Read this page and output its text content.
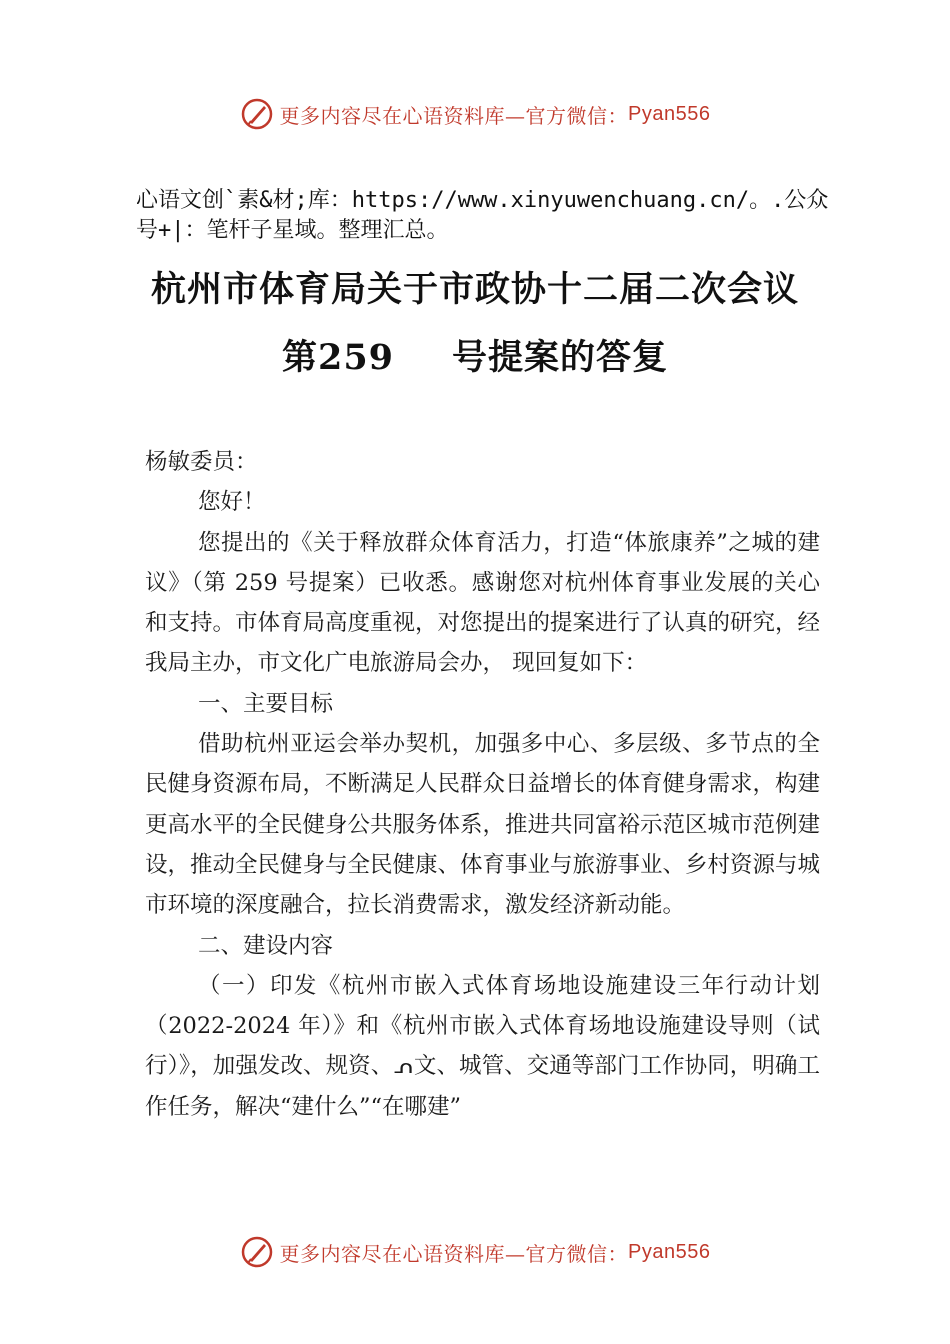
更多内容尽在心语资料库—官方微信： Pyan556
心语文创`素&材;库：https://www.xinyuwenchuang.cn/。.公众号+|：笔杆子星域。整理汇总。
杭州市体育局关于市政协十二届二次会议
第259 号提案的答复

杨敏委员：

您好！

您提出的《关于释放群众体育活力，打造“体旅康养”之城的建议》（第 259 号提案）已收悉。感谢您对杭州体育事业发展的关心和支持。市体育局高度重视，对您提出的提案进行了认真的研究，经我局主办，市文化广电旅游局会办， 现回复如下：

一、主要目标

借助杭州亚运会举办契机，加强多中心、多层级、多节点的全民健身资源布局，不断满足人民群众日益增长的体育健身需求，构建更高水平的全民健身公共服务体系，推进共同富裕示范区城市范例建设，推动全民健身与全民健康、体育事业与旅游事业、乡村资源与城市环境的深度融合，拉长消费需求，激发经济新动能。

二、建设内容

（一）印发《杭州市嵌入式体育场地设施建设三年行动计划（2022-2024 年）》和《杭州市嵌入式体育场地设施建设导则（试行）》，加强发改、规资、ᕄ文、城管、交通等部门工作协同，明确工作任务，解决“建什么”“在哪建”

更多内容尽在心语资料库—官方微信： Pyan556
